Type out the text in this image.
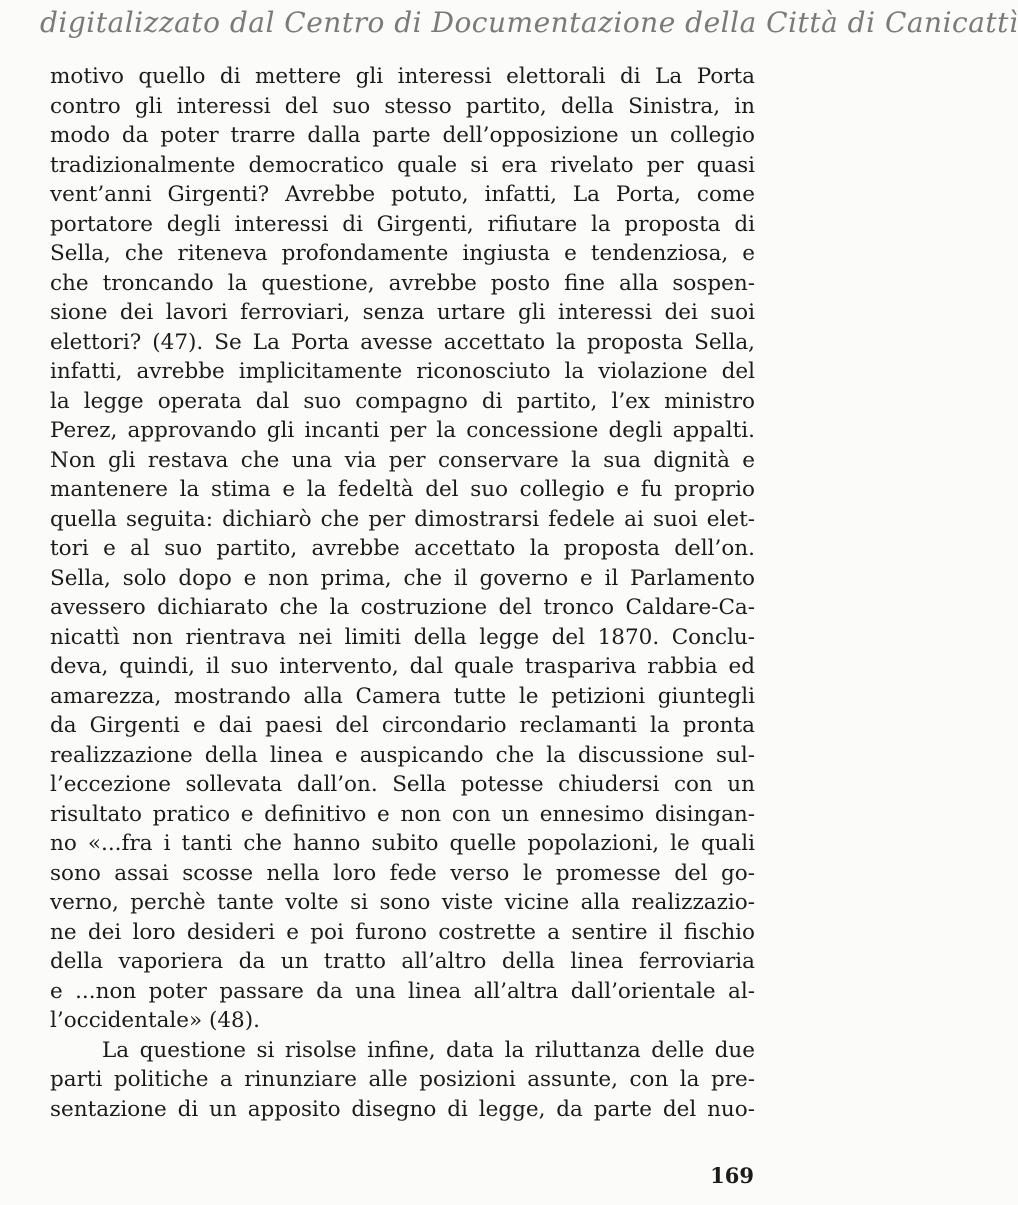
digitalizzato dal Centro di Documentazione della Città di Canicattì
motivo quello di mettere gli interessi elettorali di La Porta
contro gli interessi del suo stesso partito, della Sinistra, in
modo da poter trarre dalla parte dell’opposizione un collegio
tradizionalmente democratico quale si era rivelato per quasi
vent’anni Girgenti? Avrebbe potuto, infatti, La Porta, come
portatore degli interessi di Girgenti, rifiutare la proposta di
Sella, che riteneva profondamente ingiusta e tendenziosa, e
che troncando la questione, avrebbe posto fine alla sospen-
sione dei lavori ferroviari, senza urtare gli interessi dei suoi
elettori? (47). Se La Porta avesse accettato la proposta Sella,
infatti, avrebbe implicitamente riconosciuto la violazione del
la legge operata dal suo compagno di partito, l’ex ministro
Perez, approvando gli incanti per la concessione degli appalti.
Non gli restava che una via per conservare la sua dignità e
mantenere la stima e la fedeltà del suo collegio e fu proprio
quella seguita: dichiarò che per dimostrarsi fedele ai suoi elet-
tori e al suo partito, avrebbe accettato la proposta dell’on.
Sella, solo dopo e non prima, che il governo e il Parlamento
avessero dichiarato che la costruzione del tronco Caldare-Ca-
nicattì non rientrava nei limiti della legge del 1870. Conclu-
deva, quindi, il suo intervento, dal quale traspariva rabbia ed
amarezza, mostrando alla Camera tutte le petizioni giuntegli
da Girgenti e dai paesi del circondario reclamanti la pronta
realizzazione della linea e auspicando che la discussione sul-
l’eccezione sollevata dall’on. Sella potesse chiudersi con un
risultato pratico e definitivo e non con un ennesimo disingan-
no «...fra i tanti che hanno subito quelle popolazioni, le quali
sono assai scosse nella loro fede verso le promesse del go-
verno, perchè tante volte si sono viste vicine alla realizzazio-
ne dei loro desideri e poi furono costrette a sentire il fischio
della vaporiera da un tratto all’altro della linea ferroviaria
e ...non poter passare da una linea all’altra dall’orientale al-
l’occidentale» (48).
La questione si risolse infine, data la riluttanza delle due
parti politiche a rinunziare alle posizioni assunte, con la pre-
sentazione di un apposito disegno di legge, da parte del nuo-
169
